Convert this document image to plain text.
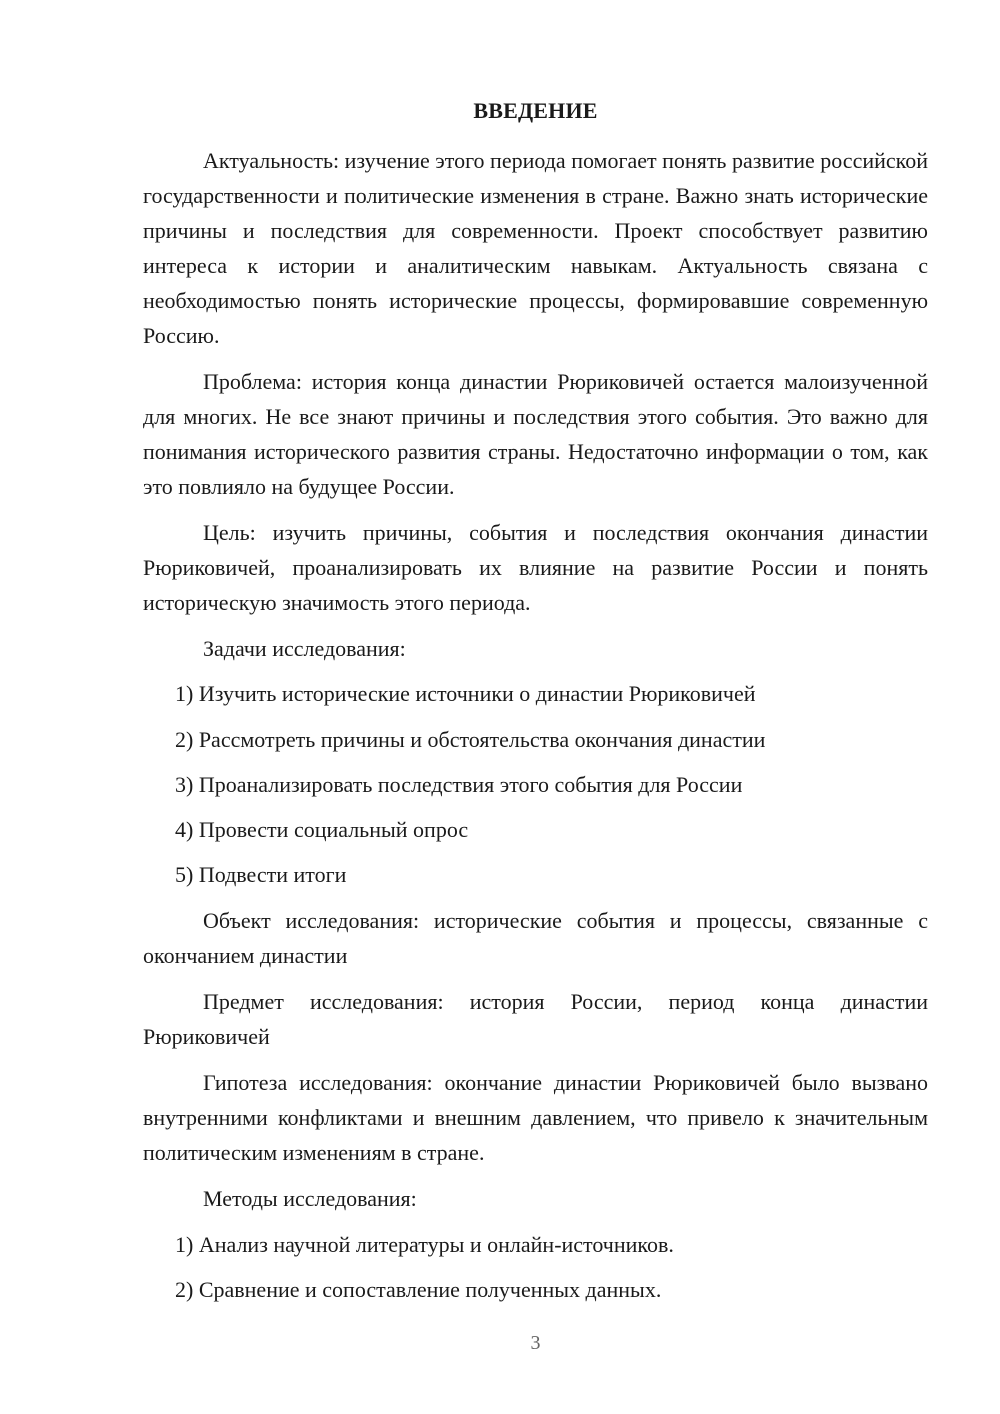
ВВЕДЕНИЕ

Актуальность: изучение этого периода помогает понять развитие российской государственности и политические изменения в стране. Важно знать исторические причины и последствия для современности. Проект способствует развитию интереса к истории и аналитическим навыкам. Актуальность связана с необходимостью понять исторические процессы, формировавшие современную Россию.

Проблема: история конца династии Рюриковичей остается малоизученной для многих. Не все знают причины и последствия этого события. Это важно для понимания исторического развития страны. Недостаточно информации о том, как это повлияло на будущее России.

Цель: изучить причины, события и последствия окончания династии Рюриковичей, проанализировать их влияние на развитие России и понять историческую значимость этого периода.

Задачи исследования:
1) Изучить исторические источники о династии Рюриковичей
2) Рассмотреть причины и обстоятельства окончания династии
3) Проанализировать последствия этого события для России
4) Провести социальный опрос
5) Подвести итоги

Объект исследования: исторические события и процессы, связанные с окончанием династии

Предмет исследования: история России, период конца династии Рюриковичей

Гипотеза исследования: окончание династии Рюриковичей было вызвано внутренними конфликтами и внешним давлением, что привело к значительным политическим изменениям в стране.

Методы исследования:
1) Анализ научной литературы и онлайн-источников.
2) Сравнение и сопоставление полученных данных.
3
